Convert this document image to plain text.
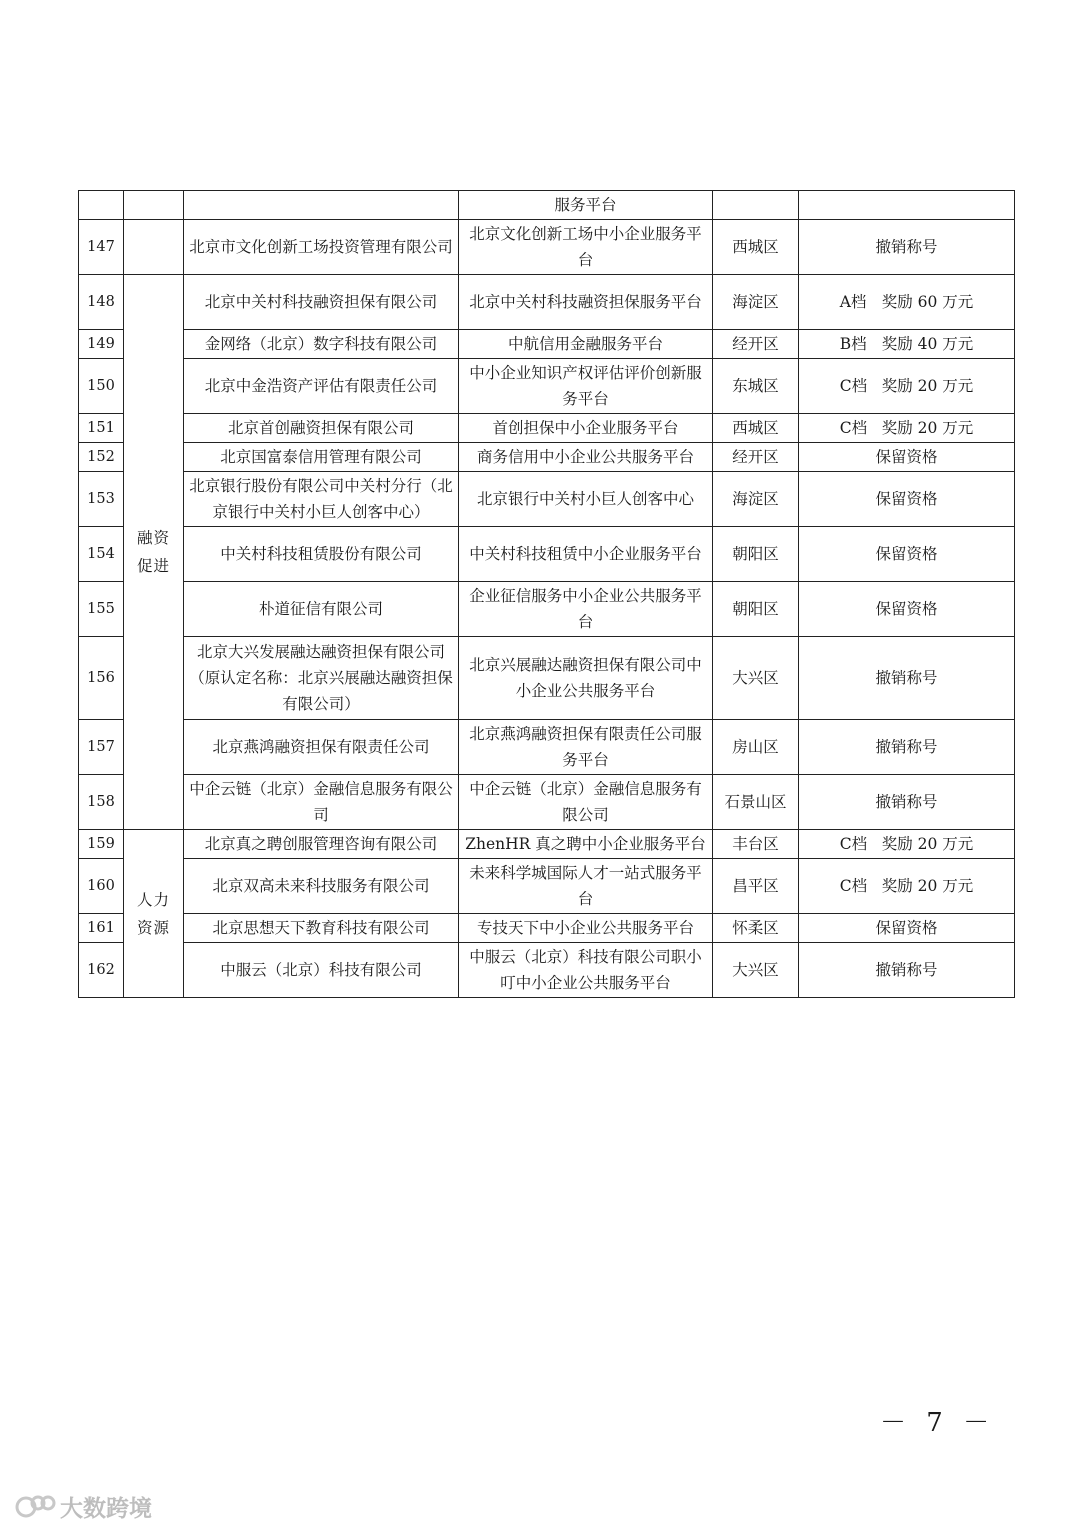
			服务平台		
147		北京市文化创新工场投资管理有限公司	北京文化创新工场中小企业服务平台	西城区	撤销称号
148	融资促进	北京中关村科技融资担保有限公司	北京中关村科技融资担保服务平台	海淀区	A档 奖励 60 万元
149		金网络（北京）数字科技有限公司	中航信用金融服务平台	经开区	B档 奖励 40 万元
150		北京中金浩资产评估有限责任公司	中小企业知识产权评估评价创新服务平台	东城区	C档 奖励 20 万元
151		北京首创融资担保有限公司	首创担保中小企业服务平台	西城区	C档 奖励 20 万元
152		北京国富泰信用管理有限公司	商务信用中小企业公共服务平台	经开区	保留资格
153		北京银行股份有限公司中关村分行（北京银行中关村小巨人创客中心）	北京银行中关村小巨人创客中心	海淀区	保留资格
154		中关村科技租赁股份有限公司	中关村科技租赁中小企业服务平台	朝阳区	保留资格
155		朴道征信有限公司	企业征信服务中小企业公共服务平台	朝阳区	保留资格
156		北京大兴发展融达融资担保有限公司（原认定名称：北京兴展融达融资担保有限公司）	北京兴展融达融资担保有限公司中小企业公共服务平台	大兴区	撤销称号
157		北京燕鸿融资担保有限责任公司	北京燕鸿融资担保有限责任公司服务平台	房山区	撤销称号
158		中企云链（北京）金融信息服务有限公司	中企云链（北京）金融信息服务有限公司	石景山区	撤销称号
159	人力资源	北京真之聘创服管理咨询有限公司	ZhenHR 真之聘中小企业服务平台	丰台区	C档 奖励 20 万元
160		北京双高未来科技服务有限公司	未来科学城国际人才一站式服务平台	昌平区	C档 奖励 20 万元
161		北京思想天下教育科技有限公司	专技天下中小企业公共服务平台	怀柔区	保留资格
162		中服云（北京）科技有限公司	中服云（北京）科技有限公司职小叮中小企业公共服务平台	大兴区	撤销称号
－ 7 －
大数跨境
